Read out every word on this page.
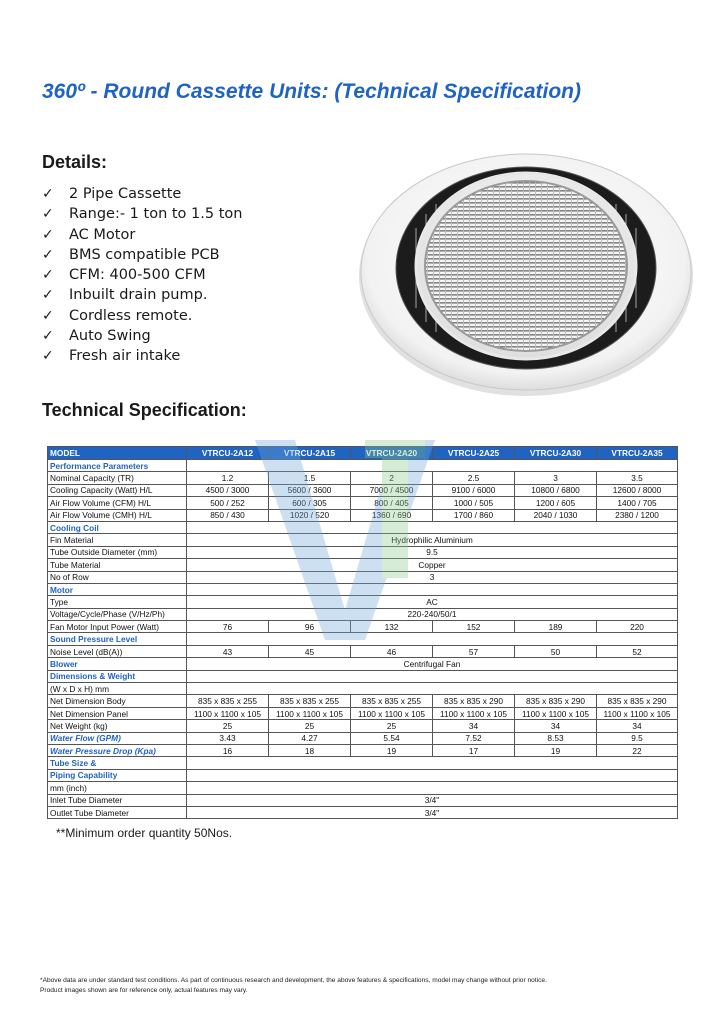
360º - Round Cassette Units: (Technical Specification)
Details:
✓ 2 Pipe Cassette
✓ Range:- 1 ton to 1.5 ton
✓ AC Motor
✓ BMS compatible PCB
✓ CFM: 400-500 CFM
✓ Inbuilt drain pump.
✓ Cordless remote.
✓ Auto Swing
✓ Fresh air intake
Technical Specification:
MODEL	VTRCU-2A12	VTRCU-2A15	VTRCU-2A20	VTRCU-2A25	VTRCU-2A30	VTRCU-2A35
Performance Parameters						
Nominal Capacity (TR)	1.2	1.5	2	2.5	3	3.5
Cooling Capacity (Watt) H/L	4500 / 3000	5600 / 3600	7000 / 4500	9100 / 6000	10800 / 6800	12600 / 8000
Air Flow Volume (CFM) H/L	500 / 252	600 / 305	800 / 405	1000 / 505	1200 / 605	1400 / 705
Air Flow Volume (CMH) H/L	850 / 430	1020 / 520	1360 / 690	1700 / 860	2040 / 1030	2380 / 1200
Cooling Coil						
Fin Material	Hydrophilic Aluminium					
Tube Outside Diameter (mm)	9.5					
Tube Material	Copper					
No of Row	3					
Motor						
Type	AC					
Voltage/Cycle/Phase (V/Hz/Ph)	220-240/50/1					
Fan Motor Input Power (Watt)	76	96	132	152	189	220
Sound Pressure Level						
Noise Level (dB(A))	43	45	46	57	50	52
Blower	Centrifugal Fan					
Dimensions & Weight						
(W x D x H) mm						
Net Dimension Body	835 x 835 x 255	835 x 835 x 255	835 x 835 x 255	835 x 835 x 290	835 x 835 x 290	835 x 835 x 290
Net Dimension Panel	1100 x 1100 x 105	1100 x 1100 x 105	1100 x 1100 x 105	1100 x 1100 x 105	1100 x 1100 x 105	1100 x 1100 x 105
Net Weight (kg)	25	25	25	34	34	34
Water Flow (GPM)	3.43	4.27	5.54	7.52	8.53	9.5
Water Pressure Drop (Kpa)	16	18	19	17	19	22
Tube Size &						
Piping Capability						
mm (inch)						
Inlet Tube Diameter	3/4"					
Outlet Tube Diameter	3/4"					
**Minimum order quantity 50Nos.
*Above data are under standard test conditions. As part of continuous research and development, the above features & specifications, model may change without prior notice.
Product images shown are for reference only, actual features may vary.
